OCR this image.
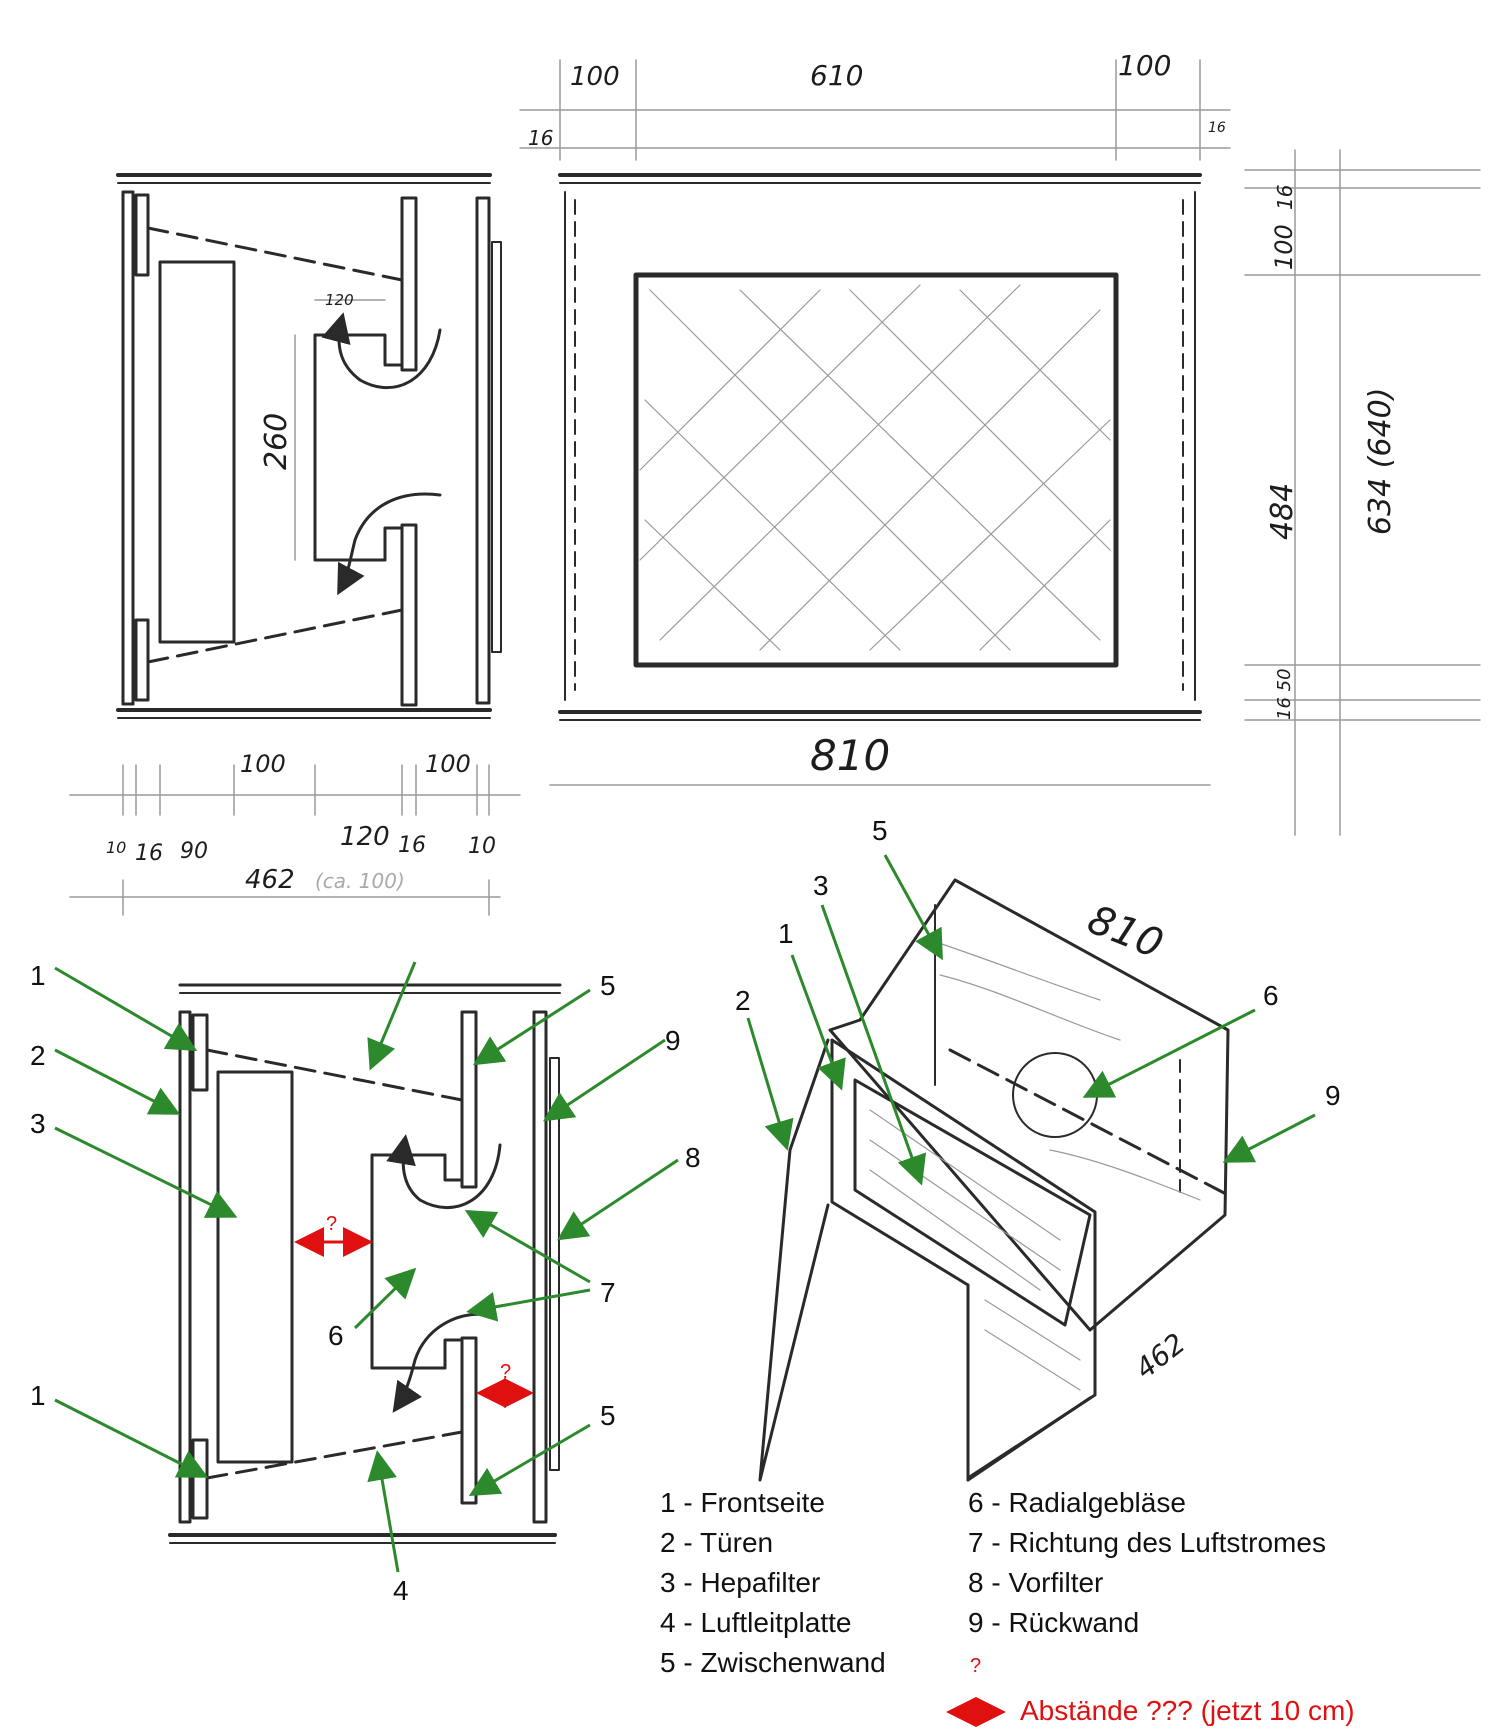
120
260
100	100
10 16 90	120 16 10
462 (ca. 100)
100	610	100
16	16
810
16
100
484 634 (640)
16 50
?
?
1
2
3
1
5
9
8
7
6
5
4
810
462
5
3
1
2	6
9
1 - Frontseite
2 - Türen
3 - Hepafilter
4 - Luftleitplatte
5 - Zwischenwand
6 - Radialgebläse
7 - Richtung des Luftstromes
8 - Vorfilter
9 - Rückwand
?
Abstände ??? (jetzt 10 cm)
